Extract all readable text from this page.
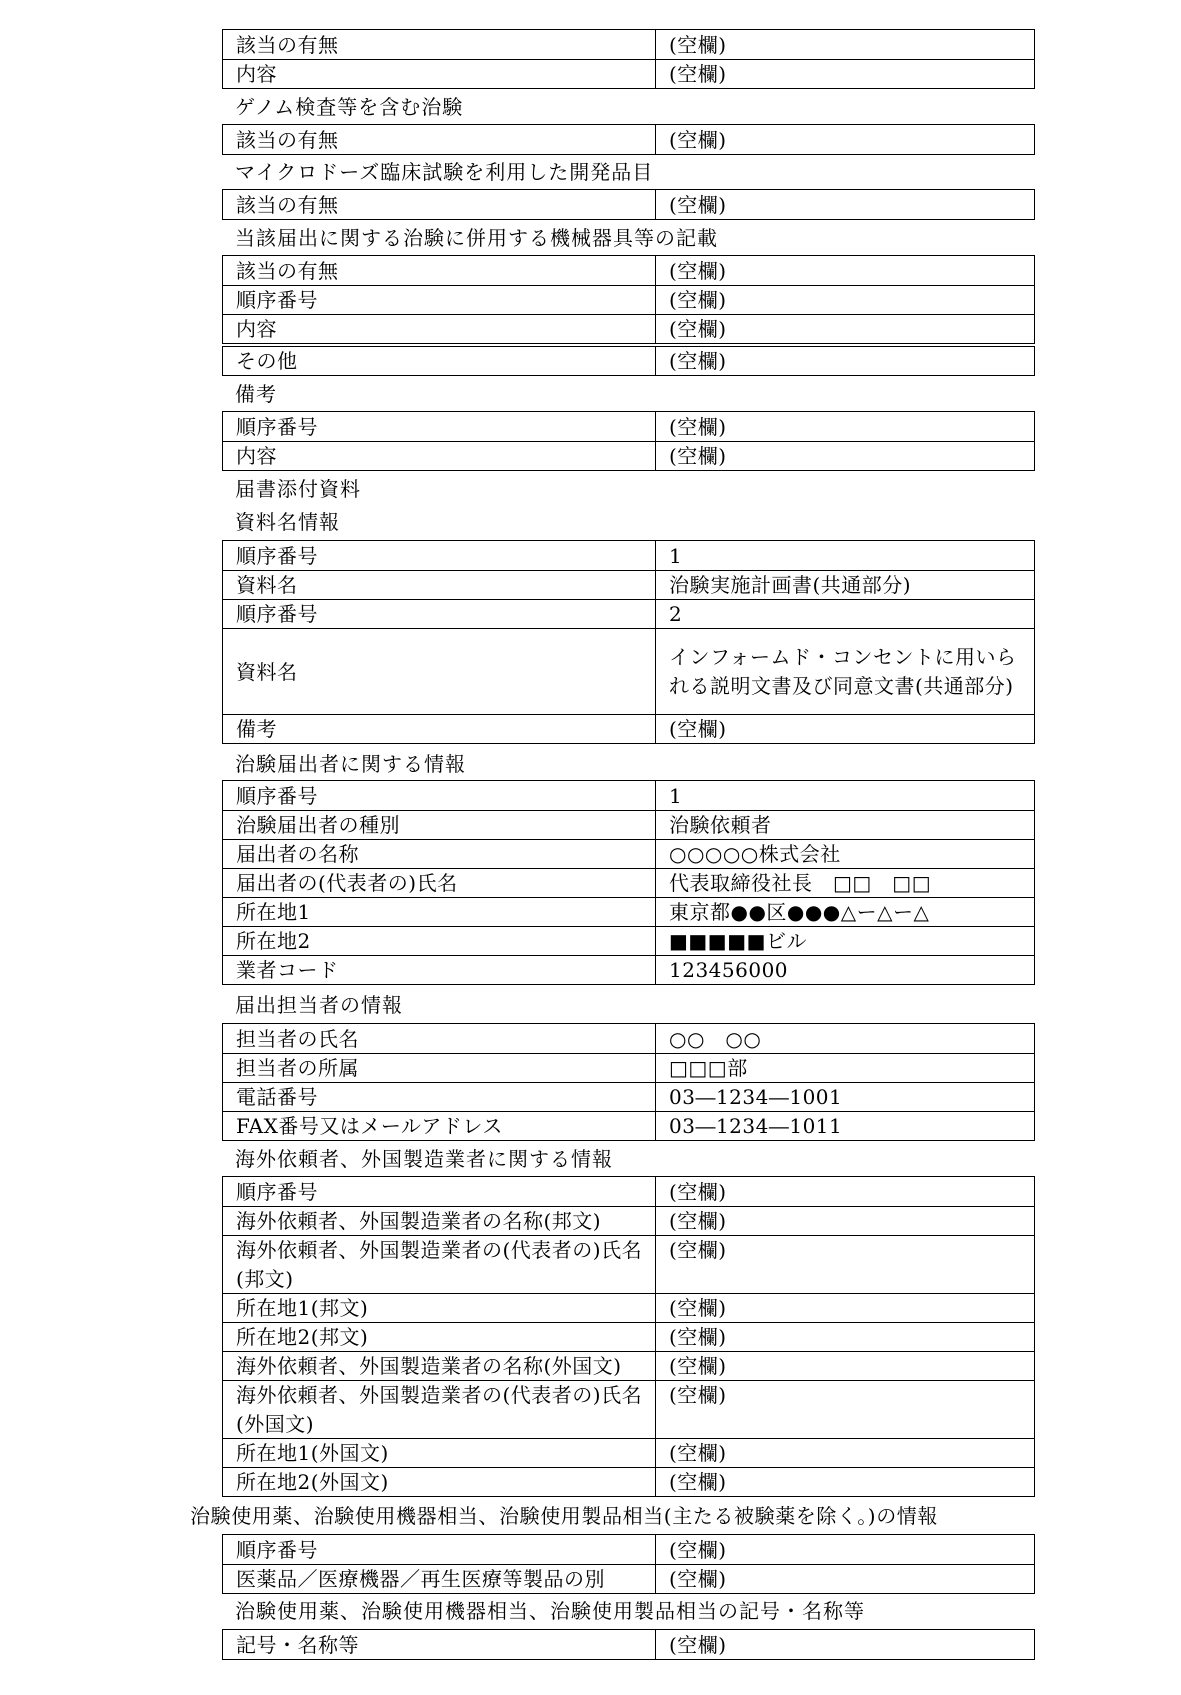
該当の有無	(空欄)
内容	(空欄)
ゲノム検査等を含む治験
該当の有無	(空欄)
マイクロドーズ臨床試験を利用した開発品目
該当の有無	(空欄)
当該届出に関する治験に併用する機械器具等の記載
該当の有無	(空欄)
順序番号	(空欄)
内容	(空欄)
その他	(空欄)
備考
順序番号	(空欄)
内容	(空欄)
届書添付資料
資料名情報
順序番号	1
資料名	治験実施計画書(共通部分)
順序番号	2
資料名	インフォームド・コンセントに用いられる説明文書及び同意文書(共通部分)
備考	(空欄)
治験届出者に関する情報
順序番号	1
治験届出者の種別	治験依頼者
届出者の名称	○○○○○株式会社
届出者の(代表者の)氏名	代表取締役社長　□□　□□
所在地1	東京都●●区●●●△ー△ー△
所在地2	■■■■■ビル
業者コード	123456000
届出担当者の情報
担当者の氏名	○○　○○
担当者の所属	□□□部
電話番号	03―1234―1001
FAX番号又はメールアドレス	03―1234―1011
海外依頼者、外国製造業者に関する情報
順序番号	(空欄)
海外依頼者、外国製造業者の名称(邦文)	(空欄)
海外依頼者、外国製造業者の(代表者の)氏名(邦文)	(空欄)
所在地1(邦文)	(空欄)
所在地2(邦文)	(空欄)
海外依頼者、外国製造業者の名称(外国文)	(空欄)
海外依頼者、外国製造業者の(代表者の)氏名(外国文)	(空欄)
所在地1(外国文)	(空欄)
所在地2(外国文)	(空欄)
治験使用薬、治験使用機器相当、治験使用製品相当(主たる被験薬を除く。)の情報
順序番号	(空欄)
医薬品／医療機器／再生医療等製品の別	(空欄)
治験使用薬、治験使用機器相当、治験使用製品相当の記号・名称等
記号・名称等	(空欄)
